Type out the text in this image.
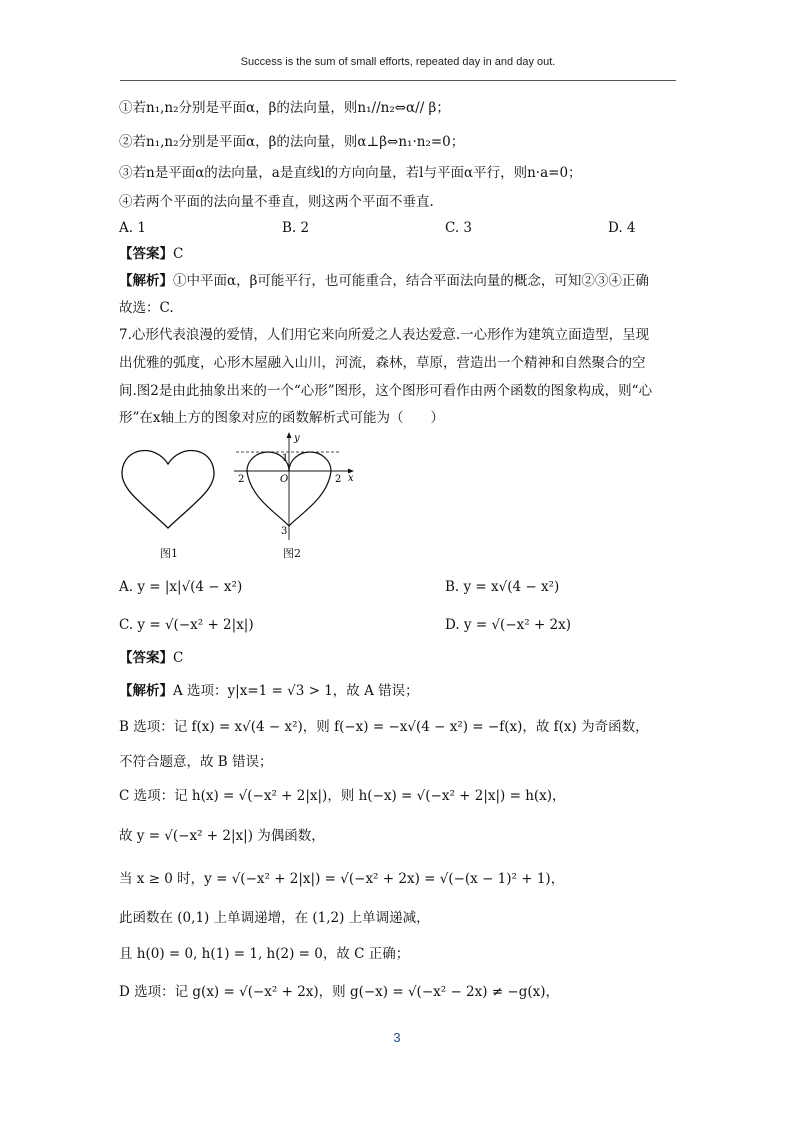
Success is the sum of small efforts, repeated day in and day out.
①若n₁,n₂分别是平面α，β的法向量，则n₁//n₂⇔α// β；
②若n₁,n₂分别是平面α，β的法向量，则α⊥β⇔n₁·n₂=0；
③若n是平面α的法向量，a是直线l的方向向量，若l与平面α平行，则n·a=0；
④若两个平面的法向量不垂直，则这两个平面不垂直.
A. 1	B. 2	C. 3	D. 4
【答案】C
【解析】①中平面α，β可能平行，也可能重合，结合平面法向量的概念，可知②③④正确
故选：C.
7.心形代表浪漫的爱情，人们用它来向所爱之人表达爱意.一心形作为建筑立面造型，呈现
出优雅的弧度，心形木屋融入山川，河流，森林，草原，营造出一个精神和自然聚合的空
间.图2是由此抽象出来的一个“心形”图形，这个图形可看作由两个函数的图象构成，则“心
形”在x轴上方的图象对应的函数解析式可能为（　　）
图1
y
x
O
2	2
1
3
图2
A. y = |x|√(4 − x²)	B. y = x√(4 − x²)
C. y = √(−x² + 2|x|)	D. y = √(−x² + 2x)
【答案】C
【解析】A 选项：y|x=1 = √3 > 1，故 A 错误；
B 选项：记 f(x) = x√(4 − x²)，则 f(−x) = −x√(4 − x²) = −f(x)，故 f(x) 为奇函数，
不符合题意，故 B 错误；
C 选项：记 h(x) = √(−x² + 2|x|)，则 h(−x) = √(−x² + 2|x|) = h(x)，
故 y = √(−x² + 2|x|) 为偶函数，
当 x ≥ 0 时，y = √(−x² + 2|x|) = √(−x² + 2x) = √(−(x − 1)² + 1)，
此函数在 (0,1) 上单调递增，在 (1,2) 上单调递减，
且 h(0) = 0, h(1) = 1, h(2) = 0，故 C 正确；
D 选项：记 g(x) = √(−x² + 2x)，则 g(−x) = √(−x² − 2x) ≠ −g(x)，
3
